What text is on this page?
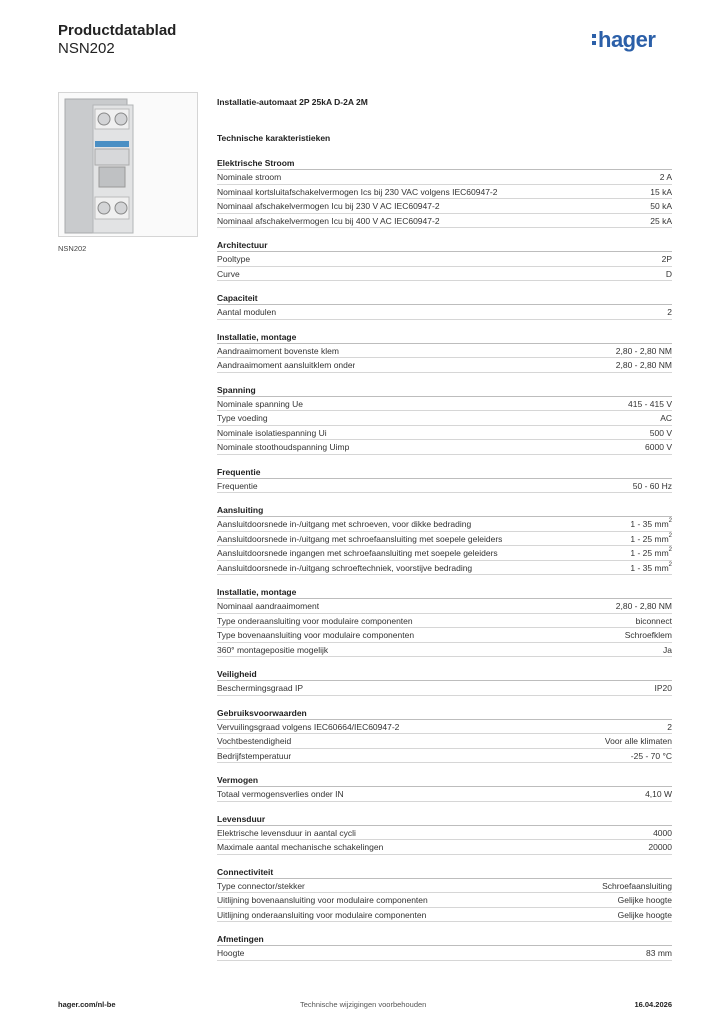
Productdatablad
NSN202	hager
NSN202
Installatie-automaat 2P 25kA D-2A 2M
Technische karakteristieken
Elektrische Stroom
Nominale stroom	2 A
Nominaal kortsluitafschakelvermogen Ics bij 230 VAC volgens IEC60947-2	15 kA
Nominaal afschakelvermogen Icu bij 230 V AC IEC60947-2	50 kA
Nominaal afschakelvermogen Icu bij 400 V AC IEC60947-2	25 kA
Architectuur
Pooltype	2P
Curve	D
Capaciteit
Aantal modulen	2
Installatie, montage
Aandraaimoment bovenste klem	2,80 - 2,80 NM
Aandraaimoment aansluitklem onder	2,80 - 2,80 NM
Spanning
Nominale spanning Ue	415 - 415 V
Type voeding	AC
Nominale isolatiespanning Ui	500 V
Nominale stoothoudspanning Uimp	6000 V
Frequentie
Frequentie	50 - 60 Hz
Aansluiting
Aansluitdoorsnede in-/uitgang met schroeven, voor dikke bedrading	1 - 35 $mm^2$
Aansluitdoorsnede in-/uitgang met schroefaansluiting met soepele geleiders	1 - 25 $mm^2$
Aansluitdoorsnede ingangen met schroefaansluiting met soepele geleiders	1 - 25 $mm^2$
Aansluitdoorsnede in-/uitgang schroeftechniek, voorstijve bedrading	1 - 35 $mm^2$
Installatie, montage
Nominaal aandraaimoment	2,80 - 2,80 NM
Type onderaansluiting voor modulaire componenten	biconnect
Type bovenaansluiting voor modulaire componenten	Schroefklem
360° montagepositie mogelijk	Ja
Veiligheid
Beschermingsgraad IP	IP20
Gebruiksvoorwaarden
Vervuilingsgraad volgens IEC60664/IEC60947-2	2
Vochtbestendigheid	Voor alle klimaten
Bedrijfstemperatuur	-25 - 70 °C
Vermogen
Totaal vermogensverlies onder IN	4,10 W
Levensduur
Elektrische levensduur in aantal cycli	4000
Maximale aantal mechanische schakelingen	20000
Connectiviteit
Type connector/stekker	Schroefaansluiting
Uitlijning bovenaansluiting voor modulaire componenten	Gelijke hoogte
Uitlijning onderaansluiting voor modulaire componenten	Gelijke hoogte
Afmetingen
Hoogte	83 mm
hager.com/nl-be	Technische wijzigingen voorbehouden	16.04.2026
